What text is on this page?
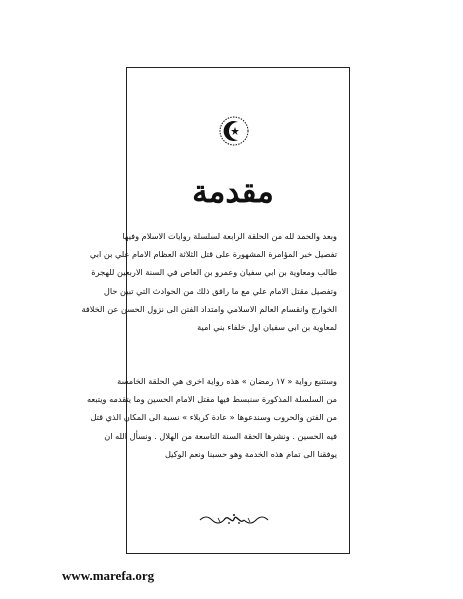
مقدمة
وبعد والحمد لله من الحلقة الرابعة لسلسلة روايات الاسلام وفيها
تفصيل خبر المؤامرة المشهورة على قتل الثلاثة العظام الامام علي بن ابي
طالب ومعاوية بن ابي سفيان وعمرو بن العاص في السنة الاربعين للهجرة
وتفصيل مقتل الامام علي مع ما رافق ذلك من الحوادث التي تبين حال
الخوارج وانقسام العالم الاسلامي وامتداد الفتن الى نزول الحسن عن الخلافة
لمعاوية بن ابي سفيان اول خلفاء بني امية
وستتبع رواية « ١٧ رمضان » هذه رواية اخرى هي الحلقة الخامسة
من السلسلة المذكورة سنبسط فيها مقتل الامام الحسين وما يتقدمه ويتبعه
من الفتن والحروب وسندعوها « عادة كربلاء » نسبة الى المكان الذي قتل
فيه الحسين . ونشرها الحقة السنة التاسعة من الهلال . ونسأل الله ان
يوفقنا الى تمام هذه الخدمة وهو حسبنا ونعم الوكيل
www.marefa.org
